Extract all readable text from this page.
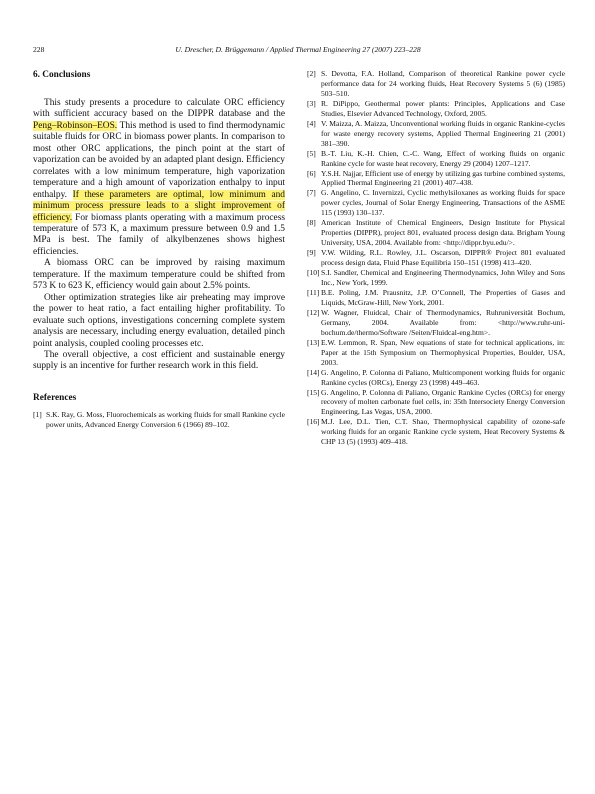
228	U. Drescher, D. Brüggemann / Applied Thermal Engineering 27 (2007) 223–228
6. Conclusions

This study presents a procedure to calculate ORC efficiency with sufficient accuracy based on the DIPPR database and the Peng–Robinson–EOS. This method is used to find thermodynamic suitable fluids for ORC in biomass power plants. In comparison to most other ORC applications, the pinch point at the start of vaporization can be avoided by an adapted plant design. Efficiency correlates with a low minimum temperature, high vaporization temperature and a high amount of vaporization enthalpy to input enthalpy. If these parameters are optimal, low minimum and minimum process pressure leads to a slight improvement of efficiency. For biomass plants operating with a maximum process temperature of 573 K, a maximum pressure between 0.9 and 1.5 MPa is best. The family of alkylbenzenes shows highest efficiencies.

A biomass ORC can be improved by raising maximum temperature. If the maximum temperature could be shifted from 573 K to 623 K, efficiency would gain about 2.5% points.

Other optimization strategies like air preheating may improve the power to heat ratio, a fact entailing higher profitability. To evaluate such options, investigations concerning complete system analysis are necessary, including energy evaluation, detailed pinch point analysis, coupled cooling processes etc.

The overall objective, a cost efficient and sustainable energy supply is an incentive for further research work in this field.

References

[1] S.K. Ray, G. Moss, Fluorochemicals as working fluids for small Rankine cycle power units, Advanced Energy Conversion 6 (1966) 89–102.

[2] S. Devotta, F.A. Holland, Comparison of theoretical Rankine power cycle performance data for 24 working fluids, Heat Recovery Systems 5 (6) (1985) 503–510.

[3] R. DiPippo, Geothermal power plants: Principles, Applications and Case Studies, Elsevier Advanced Technology, Oxford, 2005.

[4] V. Maizza, A. Maizza, Unconventional working fluids in organic Rankine-cycles for waste energy recovery systems, Applied Thermal Engineering 21 (2001) 381–390.

[5] B.-T. Liu, K.-H. Chien, C.-C. Wang, Effect of working fluids on organic Rankine cycle for waste heat recovery, Energy 29 (2004) 1207–1217.

[6] Y.S.H. Najjar, Efficient use of energy by utilizing gas turbine combined systems, Applied Thermal Engineering 21 (2001) 407–438.

[7] G. Angelino, C. Invernizzi, Cyclic methylsiloxanes as working fluids for space power cycles, Journal of Solar Energy Engineering, Transactions of the ASME 115 (1993) 130–137.

[8] American Institute of Chemical Engineers, Design Institute for Physical Properties (DIPPR), project 801, evaluated process design data. Brigham Young University, USA, 2004. Available from: <http://dippr.byu.edu/>.

[9] V.W. Wilding, R.L. Rowley, J.L. Oscarson, DIPPR® Project 801 evaluated process design data, Fluid Phase Equilibria 150–151 (1998) 413–420.

[10] S.I. Sandler, Chemical and Engineering Thermodynamics, John Wiley and Sons Inc., New York, 1999.

[11] B.E. Poling, J.M. Prausnitz, J.P. O’Connell, The Properties of Gases and Liquids, McGraw-Hill, New York, 2001.

[12] W. Wagner, Fluidcal, Chair of Thermodynamics, Ruhruniversität Bochum, Germany, 2004. Available from: <http://www.ruhr-uni-bochum.de/thermo/Software /Seiten/Fluidcal-eng.htm>.

[13] E.W. Lemmon, R. Span, New equations of state for technical applications, in: Paper at the 15th Symposium on Thermophysical Properties, Boulder, USA, 2003.

[14] G. Angelino, P. Colonna di Paliano, Multicomponent working fluids for organic Rankine cycles (ORCs), Energy 23 (1998) 449–463.

[15] G. Angelino, P. Colonna di Paliano, Organic Rankine Cycles (ORCs) for energy recovery of molten carbonate fuel cells, in: 35th Intersociety Energy Conversion Engineering, Las Vegas, USA, 2000.

[16] M.J. Lee, D.L. Tien, C.T. Shao, Thermophysical capability of ozone-safe working fluids for an organic Rankine cycle system, Heat Recovery Systems & CHP 13 (5) (1993) 409–418.
